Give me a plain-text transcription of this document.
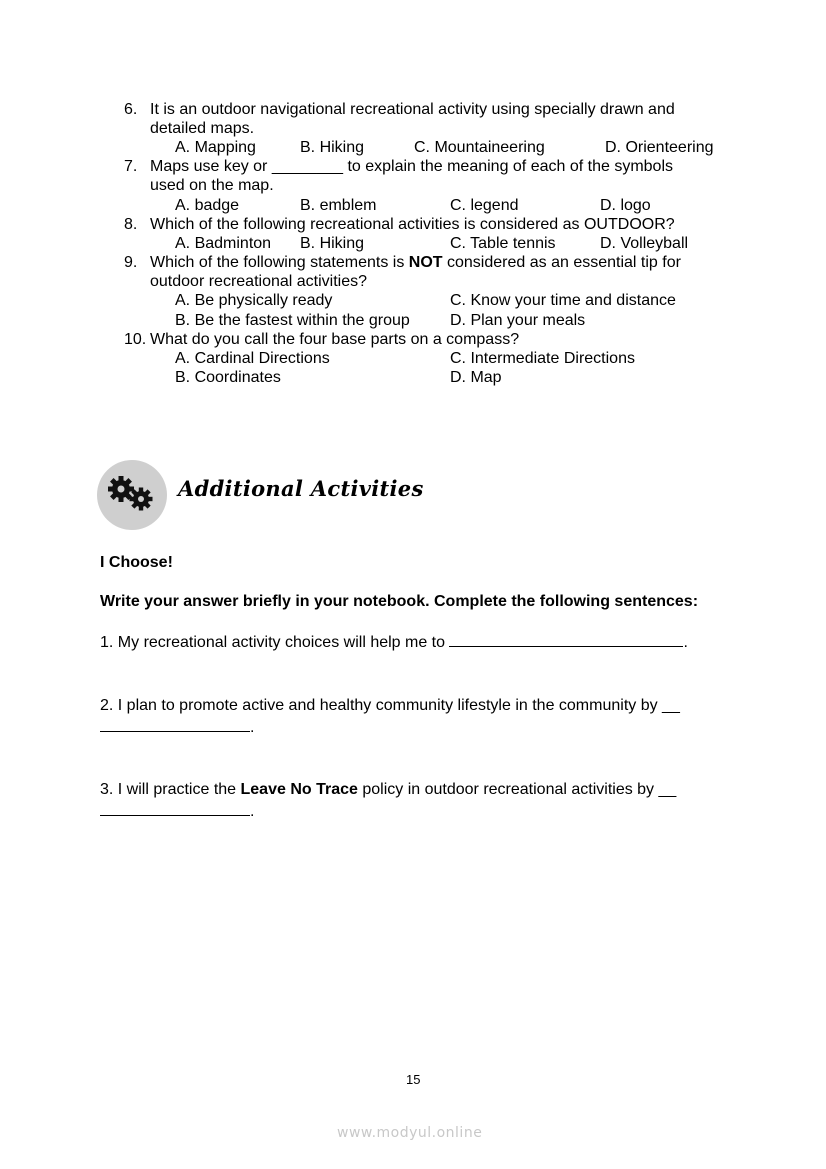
6. It is an outdoor navigational recreational activity using specially drawn and
detailed maps.
A. Mapping	B. Hiking	C. Mountaineering	D. Orienteering
7. Maps use key or ________ to explain the meaning of each of the symbols
used on the map.
A. badge	B. emblem	C. legend	D. logo
8. Which of the following recreational activities is considered as OUTDOOR?
A. Badminton B. Hiking	C. Table tennis	D. Volleyball
9. Which of the following statements is NOT considered as an essential tip for
outdoor recreational activities?
A. Be physically ready	C. Know your time and distance
B. Be the fastest within the group	D. Plan your meals
10. What do you call the four base parts on a compass?
A. Cardinal Directions	C. Intermediate Directions
B. Coordinates	D. Map
Additional Activities
I Choose!
Write your answer briefly in your notebook. Complete the following sentences:
1. My recreational activity choices will help me to	.
2. I plan to promote active and healthy community lifestyle in the community by __
.
3. I will practice the Leave No Trace policy in outdoor recreational activities by __
.
15
www.modyul.online
